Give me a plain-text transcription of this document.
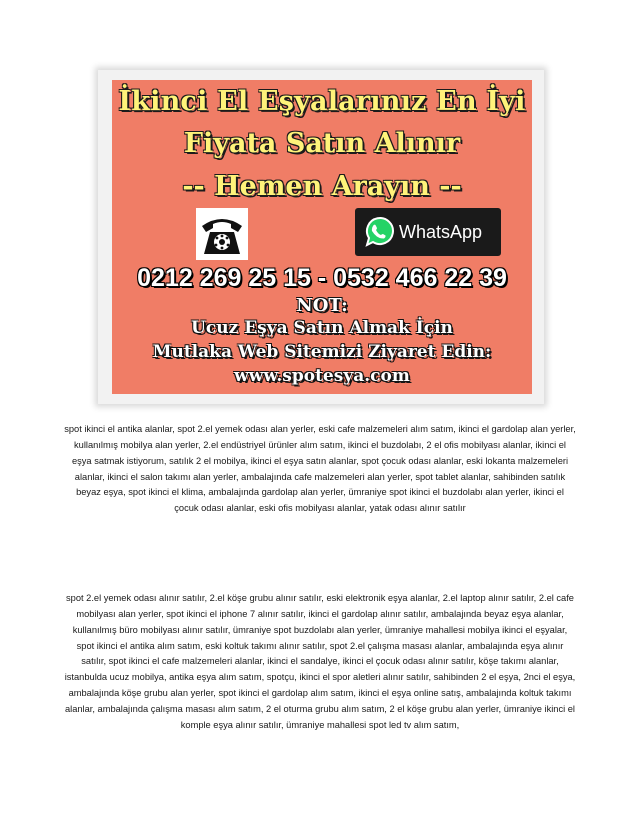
İkinci El Eşyalarınız En İyi
Fiyata Satın Alınır
-- Hemen Arayın --
WhatsApp
0212 269 25 15 - 0532 466 22 39
NOT:
Ucuz Eşya Satın Almak İçin
Mutlaka Web Sitemizi Ziyaret Edin:
www.spotesya.com

spot ikinci el antika alanlar, spot 2.el yemek odası alan yerler, eski cafe malzemeleri alım satım, ikinci el gardolap alan yerler, kullanılmış mobilya alan yerler, 2.el endüstriyel ürünler alım satım, ikinci el buzdolabı, 2 el ofis mobilyası alanlar, ikinci el eşya satmak istiyorum, satılık 2 el mobilya, ikinci el eşya satın alanlar, spot çocuk odası alanlar, eski lokanta malzemeleri alanlar, ikinci el salon takımı alan yerler, ambalajında cafe malzemeleri alan yerler, spot tablet alanlar, sahibinden satılık beyaz eşya, spot ikinci el klima, ambalajında gardolap alan yerler, ümraniye spot ikinci el buzdolabı alan yerler, ikinci el çocuk odası alanlar, eski ofis mobilyası alanlar, yatak odası alınır satılır

spot 2.el yemek odası alınır satılır, 2.el köşe grubu alınır satılır, eski elektronik eşya alanlar, 2.el laptop alınır satılır, 2.el cafe mobilyası alan yerler, spot ikinci el iphone 7 alınır satılır, ikinci el gardolap alınır satılır, ambalajında beyaz eşya alanlar, kullanılmış büro mobilyası alınır satılır, ümraniye spot buzdolabı alan yerler, ümraniye mahallesi mobilya ikinci el eşyalar, spot ikinci el antika alım satım, eski koltuk takımı alınır satılır, spot 2.el çalışma masası alanlar, ambalajında eşya alınır satılır, spot ikinci el cafe malzemeleri alanlar, ikinci el sandalye, ikinci el çocuk odası alınır satılır, köşe takımı alanlar, istanbulda ucuz mobilya, antika eşya alım satım, spotçu, ikinci el spor aletleri alınır satılır, sahibinden 2 el eşya, 2nci el eşya, ambalajında köşe grubu alan yerler, spot ikinci el gardolap alım satım, ikinci el eşya online satış, ambalajında koltuk takımı alanlar, ambalajında çalışma masası alım satım, 2 el oturma grubu alım satım, 2 el köşe grubu alan yerler, ümraniye ikinci el komple eşya alınır satılır, ümraniye mahallesi spot led tv alım satım,
